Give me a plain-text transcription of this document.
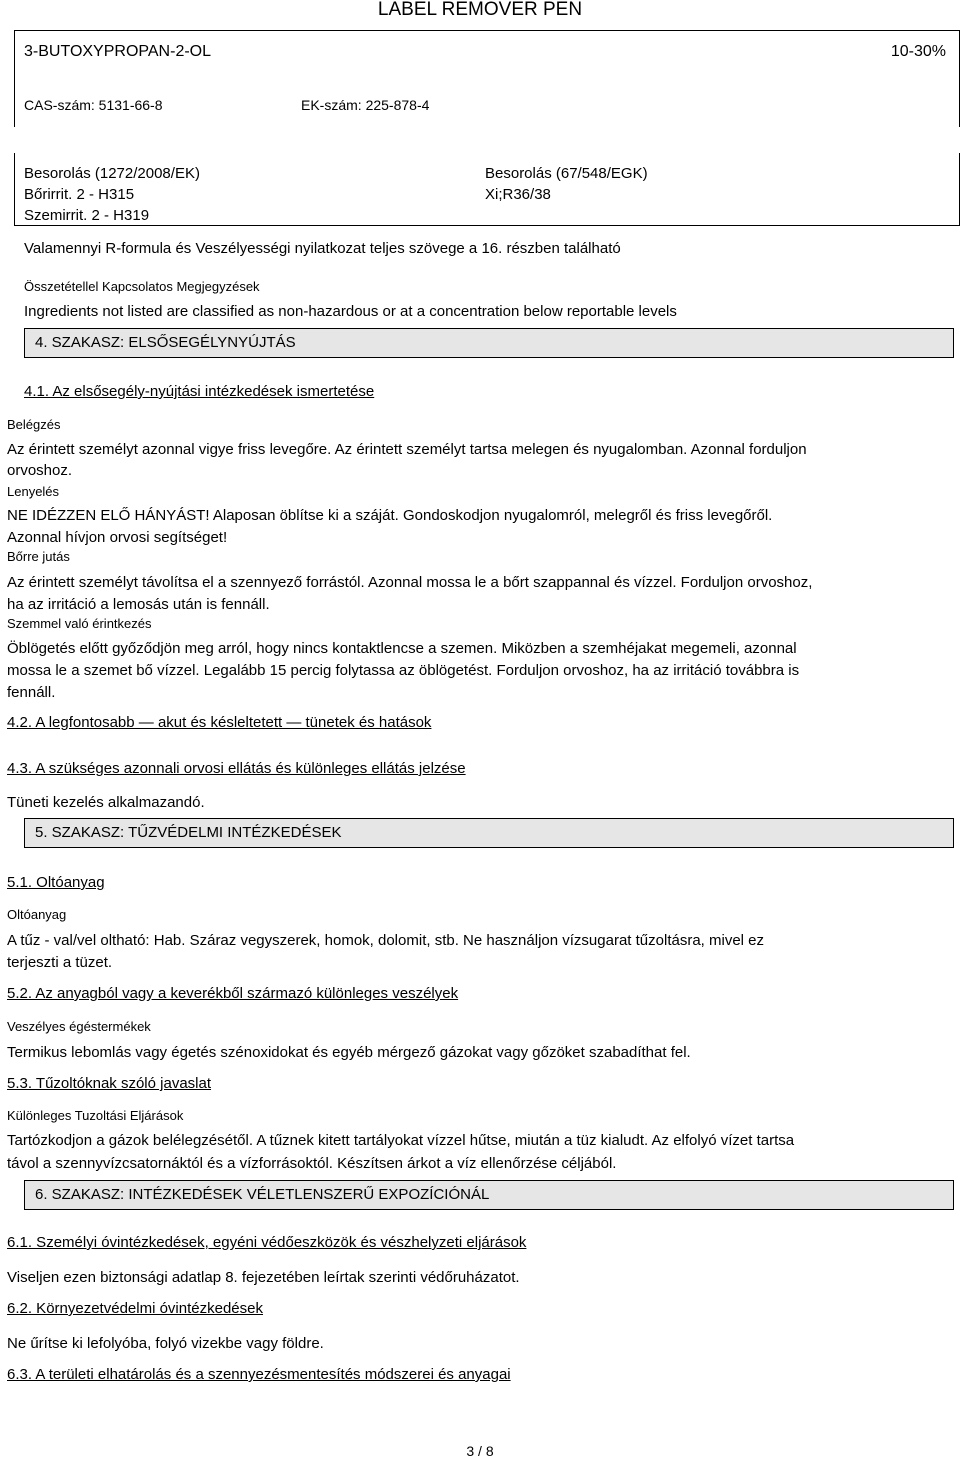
LABEL REMOVER PEN
3-BUTOXYPROPAN-2-OL	10-30%
CAS-szám: 5131-66-8	EK-szám: 225-878-4
Besorolás (1272/2008/EK)
Bőrirrit. 2 - H315
Szemirrit. 2 - H319
Besorolás (67/548/EGK)
Xi;R36/38
Valamennyi R-formula és Veszélyességi nyilatkozat teljes szövege a 16. részben található
Összetétellel Kapcsolatos Megjegyzések
Ingredients not listed are classified as non-hazardous or at a concentration below reportable levels
4. SZAKASZ: ELSŐSEGÉLYNYÚJTÁS
4.1. Az elsősegély-nyújtási intézkedések ismertetése
Belégzés
Az érintett személyt azonnal vigye friss levegőre. Az érintett személyt tartsa melegen és nyugalomban. Azonnal forduljon
orvoshoz.
Lenyelés
NE IDÉZZEN ELŐ HÁNYÁST! Alaposan öblítse ki a száját. Gondoskodjon nyugalomról, melegről és friss levegőről.
Azonnal hívjon orvosi segítséget!
Bőrre jutás
Az érintett személyt távolítsa el a szennyező forrástól. Azonnal mossa le a bőrt szappannal és vízzel. Forduljon orvoshoz,
ha az irritáció a lemosás után is fennáll.
Szemmel való érintkezés
Öblögetés előtt győződjön meg arról, hogy nincs kontaktlencse a szemen. Miközben a szemhéjakat megemeli, azonnal
mossa le a szemet bő vízzel. Legalább 15 percig folytassa az öblögetést. Forduljon orvoshoz, ha az irritáció továbbra is
fennáll.
4.2. A legfontosabb — akut és késleltetett — tünetek és hatások
4.3. A szükséges azonnali orvosi ellátás és különleges ellátás jelzése
Tüneti kezelés alkalmazandó.
5. SZAKASZ: TŰZVÉDELMI INTÉZKEDÉSEK
5.1. Oltóanyag
Oltóanyag
A tűz - val/vel oltható: Hab. Száraz vegyszerek, homok, dolomit, stb. Ne használjon vízsugarat tűzoltásra, mivel ez
terjeszti a tüzet.
5.2. Az anyagból vagy a keverékből származó különleges veszélyek
Veszélyes égéstermékek
Termikus lebomlás vagy égetés szénoxidokat és egyéb mérgező gázokat vagy gőzöket szabadíthat fel.
5.3. Tűzoltóknak szóló javaslat
Különleges Tuzoltási Eljárások
Tartózkodjon a gázok belélegzésétől. A tűznek kitett tartályokat vízzel hűtse, miután a tüz kialudt. Az elfolyó vízet tartsa
távol a szennyvízcsatornáktól és a vízforrásoktól. Készítsen árkot a víz ellenőrzése céljából.
6. SZAKASZ: INTÉZKEDÉSEK VÉLETLENSZERŰ EXPOZÍCIÓNÁL
6.1. Személyi óvintézkedések, egyéni védőeszközök és vészhelyzeti eljárások
Viseljen ezen biztonsági adatlap 8. fejezetében leírtak szerinti védőruházatot.
6.2. Környezetvédelmi óvintézkedések
Ne űrítse ki lefolyóba, folyó vizekbe vagy földre.
6.3. A területi elhatárolás és a szennyezésmentesítés módszerei és anyagai
3 / 8
